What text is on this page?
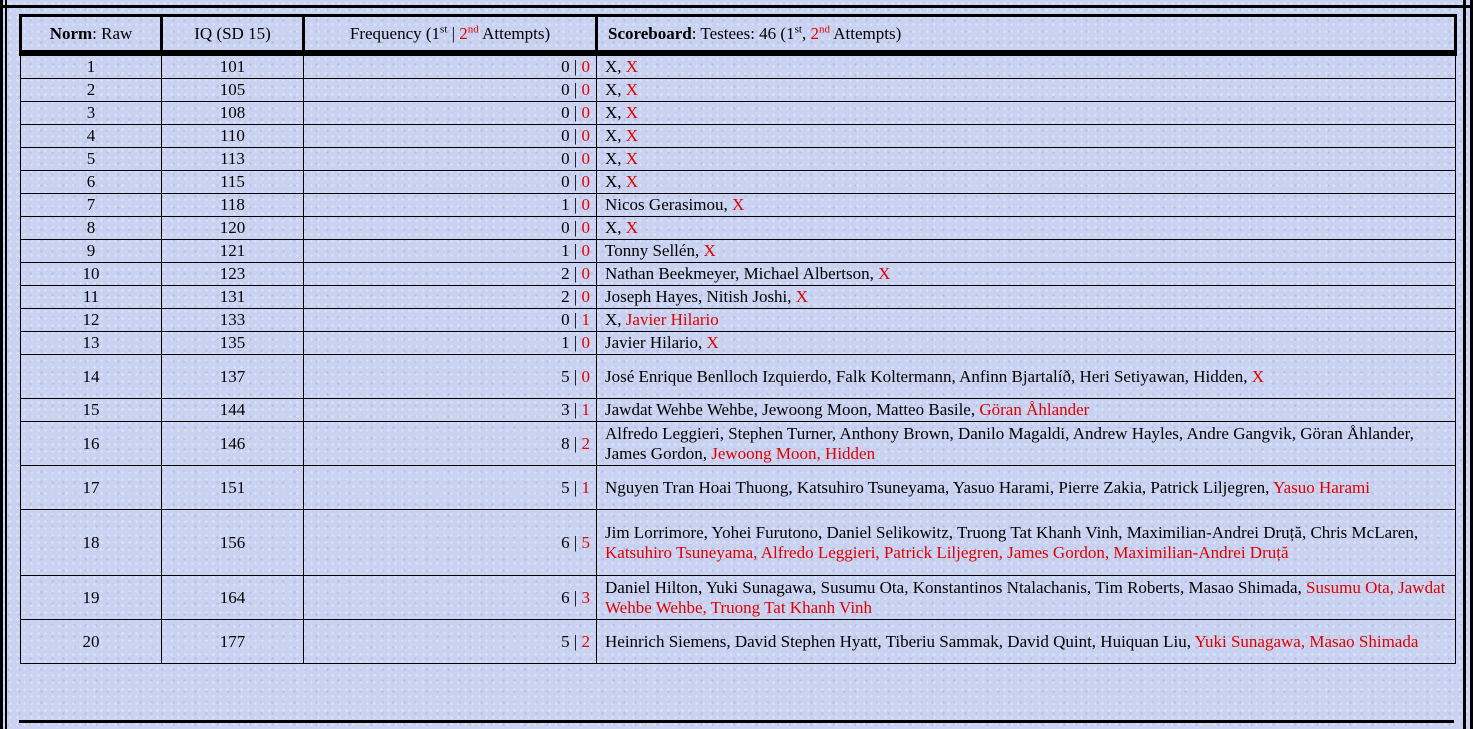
Norm: Raw	IQ (SD 15)	Frequency (1st | 2nd Attempts)	Scoreboard: Testees: 46 (1st, 2nd Attempts)
1	101	0 | 0	X, X
2	105	0 | 0	X, X
3	108	0 | 0	X, X
4	110	0 | 0	X, X
5	113	0 | 0	X, X
6	115	0 | 0	X, X
7	118	1 | 0	Nicos Gerasimou, X
8	120	0 | 0	X, X
9	121	1 | 0	Tonny Sellén, X
10	123	2 | 0	Nathan Beekmeyer, Michael Albertson, X
11	131	2 | 0	Joseph Hayes, Nitish Joshi, X
12	133	0 | 1	X, Javier Hilario
13	135	1 | 0	Javier Hilario, X
14	137	5 | 0	José Enrique Benlloch Izquierdo, Falk Koltermann, Anfinn Bjartalíð, Heri Setiyawan, Hidden, X
15	144	3 | 1	Jawdat Wehbe Wehbe, Jewoong Moon, Matteo Basile, Göran Åhlander
16	146	8 | 2	Alfredo Leggieri, Stephen Turner, Anthony Brown, Danilo Magaldi, Andrew Hayles, Andre Gangvik, Göran Åhlander, James Gordon, Jewoong Moon, Hidden
17	151	5 | 1	Nguyen Tran Hoai Thuong, Katsuhiro Tsuneyama, Yasuo Harami, Pierre Zakia, Patrick Liljegren, Yasuo Harami
18	156	6 | 5	Jim Lorrimore, Yohei Furutono, Daniel Selikowitz, Truong Tat Khanh Vinh, Maximilian-Andrei Druță, Chris McLaren, Katsuhiro Tsuneyama, Alfredo Leggieri, Patrick Liljegren, James Gordon, Maximilian-Andrei Druță
19	164	6 | 3	Daniel Hilton, Yuki Sunagawa, Susumu Ota, Konstantinos Ntalachanis, Tim Roberts, Masao Shimada, Susumu Ota, Jawdat Wehbe Wehbe, Truong Tat Khanh Vinh
20	177	5 | 2	Heinrich Siemens, David Stephen Hyatt, Tiberiu Sammak, David Quint, Huiquan Liu, Yuki Sunagawa, Masao Shimada
